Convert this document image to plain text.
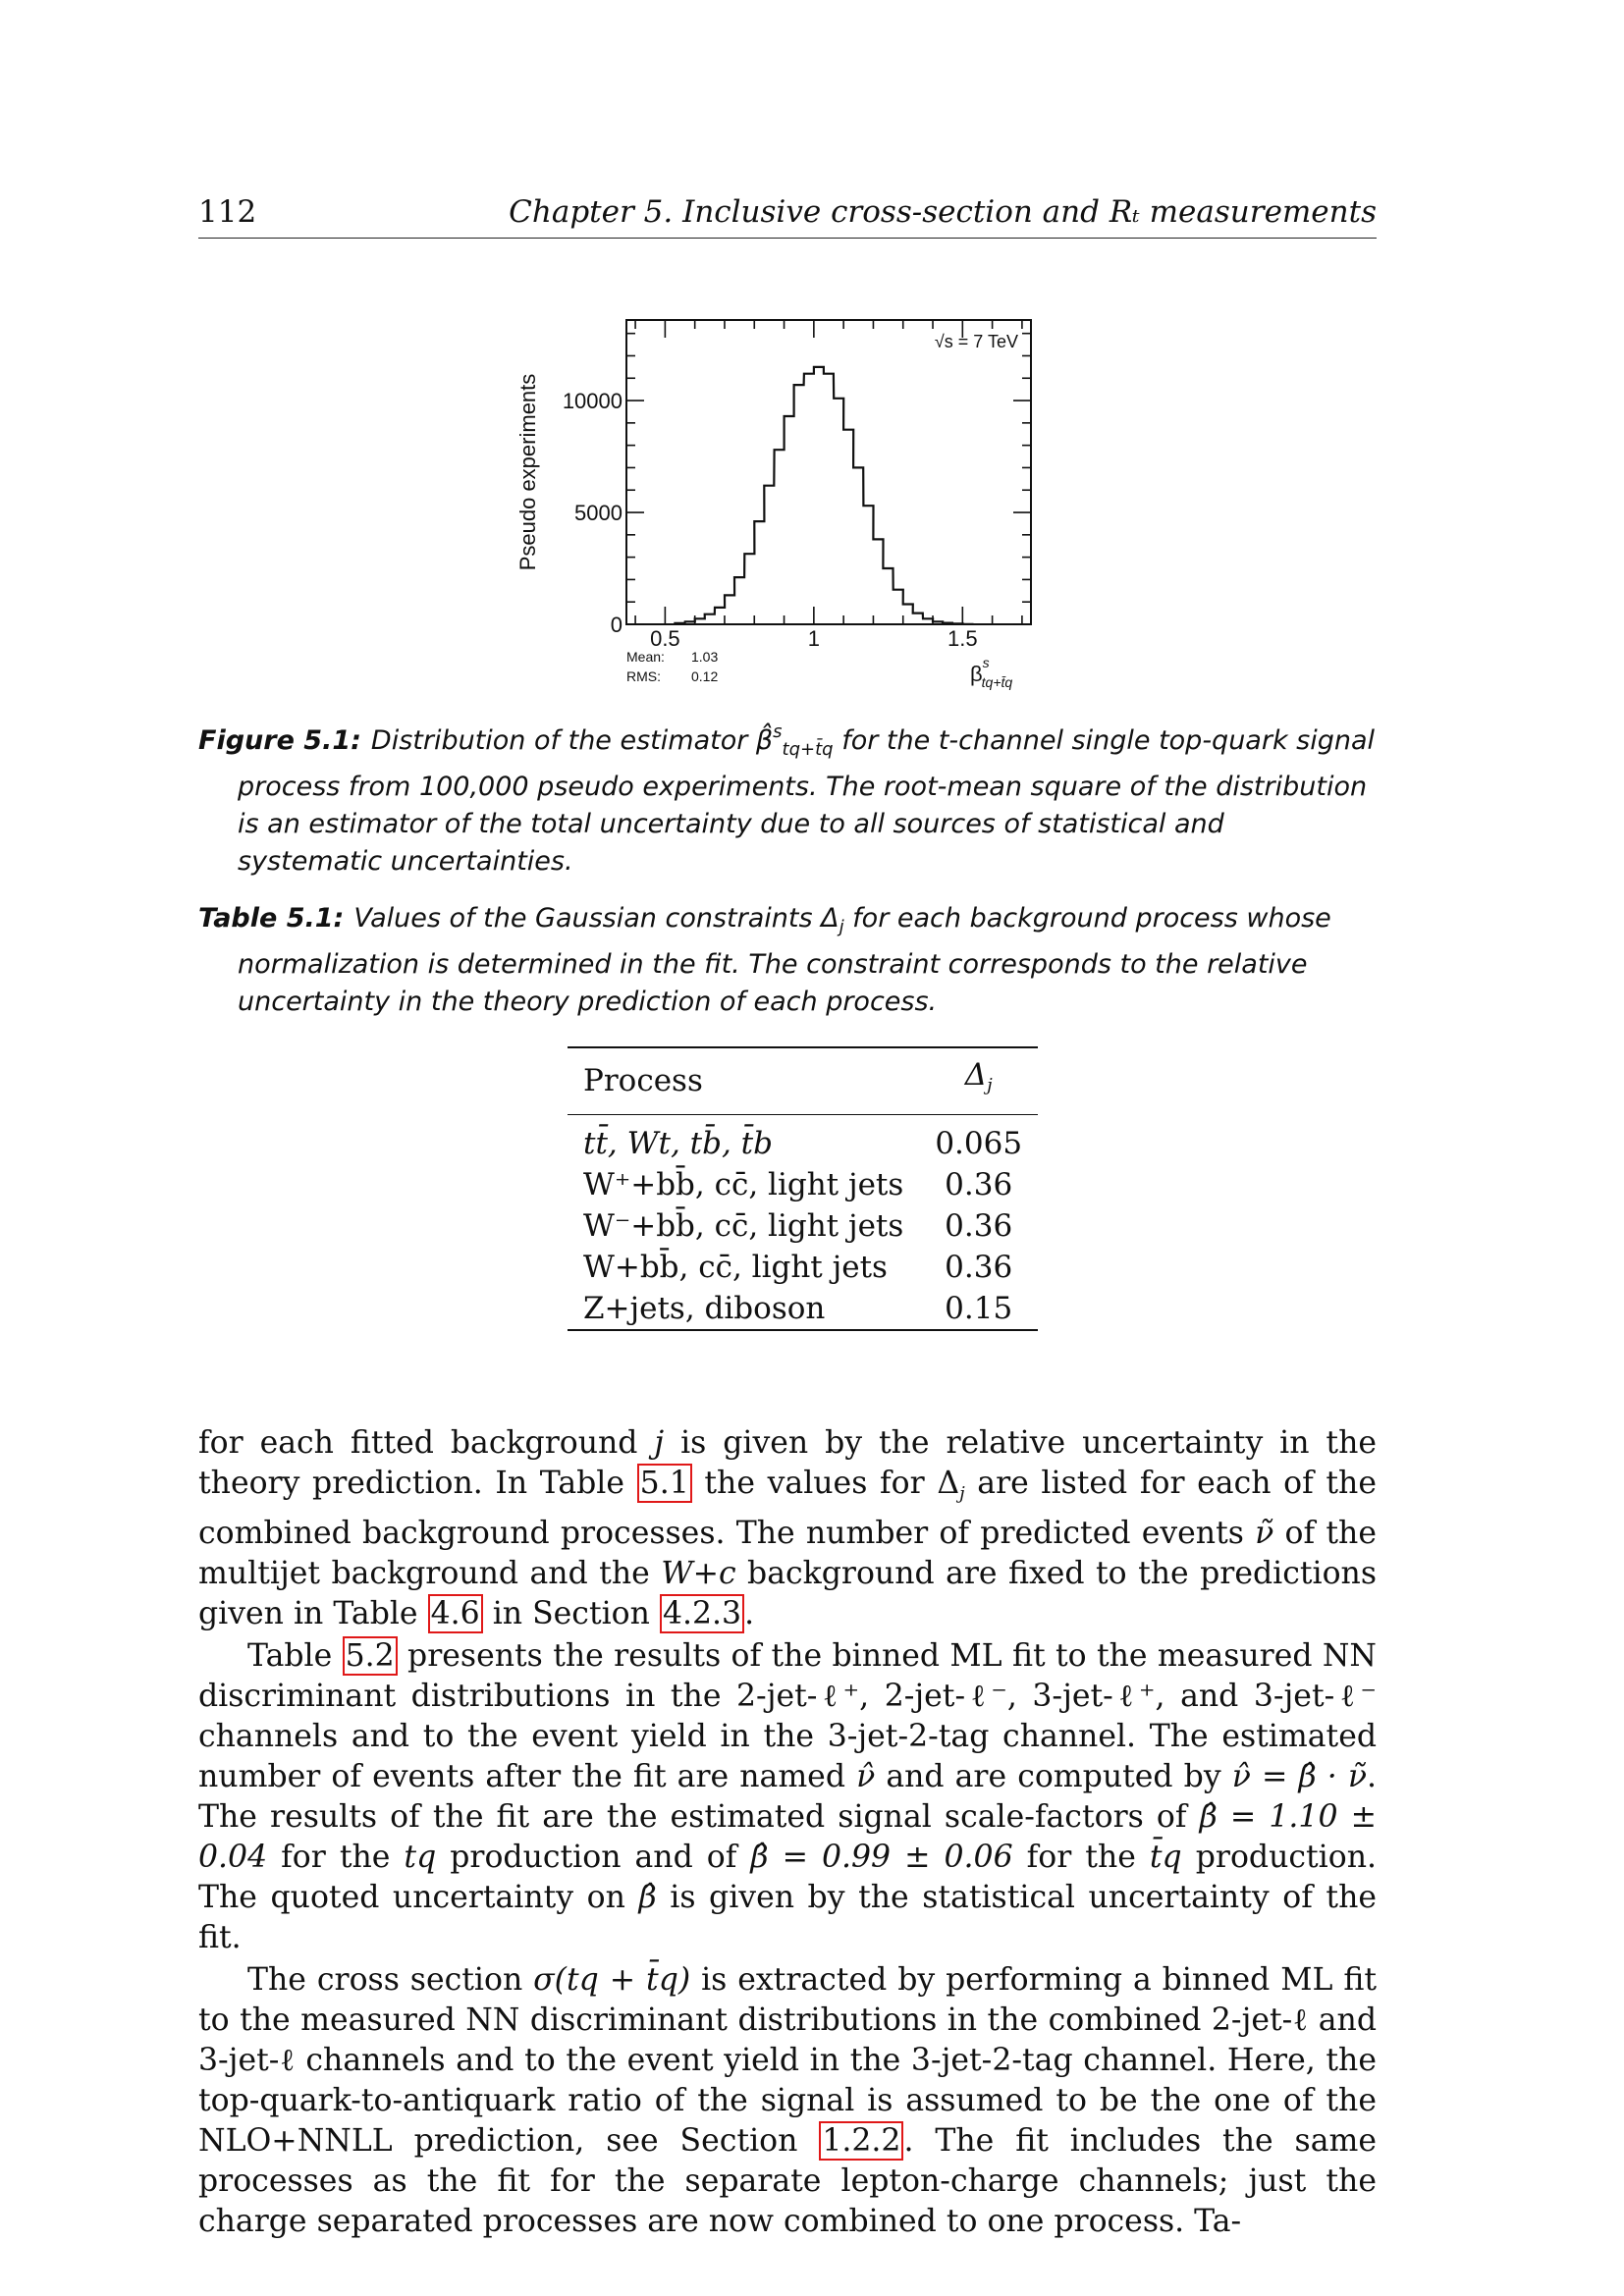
112	Chapter 5. Inclusive cross-section and Rₜ measurements
0
5000
10000
0.5	1	1.5
Pseudo experiments
√s = 7 TeV
Mean: 1.03
RMS: 0.12	$\beta^s$ tq+t̄q
Figure 5.1: Distribution of the estimator β̂$^s_{tq+t̄q}$ for the t-channel single top-quark signal process from 100,000 pseudo experiments. The root-mean square of the distribution is an estimator of the total uncertainty due to all sources of statistical and systematic uncertainties.
Table 5.1: Values of the Gaussian constraints $\Delta_j$ for each background process whose normalization is determined in the fit. The constraint corresponds to the relative uncertainty in the theory prediction of each process.
Process	$\Delta_j$
tt̄, Wt, tb̄, t̄b	0.065
W⁺+bb̄, cc̄, light jets	0.36
W⁻+bb̄, cc̄, light jets	0.36
W+bb̄, cc̄, light jets	0.36
Z+jets, diboson	0.15

for each fitted background j is given by the relative uncertainty in the theory prediction. In Table 5.1 the values for $\Delta_j$ are listed for each of the combined background processes. The number of predicted events ν̃ of the multijet background and the W+c background are fixed to the predictions given in Table 4.6 in Section 4.2.3.

Table 5.2 presents the results of the binned ML fit to the measured NN discriminant distributions in the 2-jet-ℓ⁺, 2-jet-ℓ⁻, 3-jet-ℓ⁺, and 3-jet-ℓ⁻ channels and to the event yield in the 3-jet-2-tag channel. The estimated number of events after the fit are named ν̂ and are computed by ν̂ = β̂ · ν̃. The results of the fit are the estimated signal scale-factors of β̂ = 1.10 ± 0.04 for the tq production and of β̂ = 0.99 ± 0.06 for the t̄q production. The quoted uncertainty on β̂ is given by the statistical uncertainty of the fit.

The cross section σ(tq + t̄q) is extracted by performing a binned ML fit to the measured NN discriminant distributions in the combined 2-jet-ℓ and 3-jet-ℓ channels and to the event yield in the 3-jet-2-tag channel. Here, the top-quark-to-antiquark ratio of the signal is assumed to be the one of the NLO+NNLL prediction, see Section 1.2.2. The fit includes the same processes as the fit for the separate lepton-charge channels; just the charge separated processes are now combined to one process. Ta-
